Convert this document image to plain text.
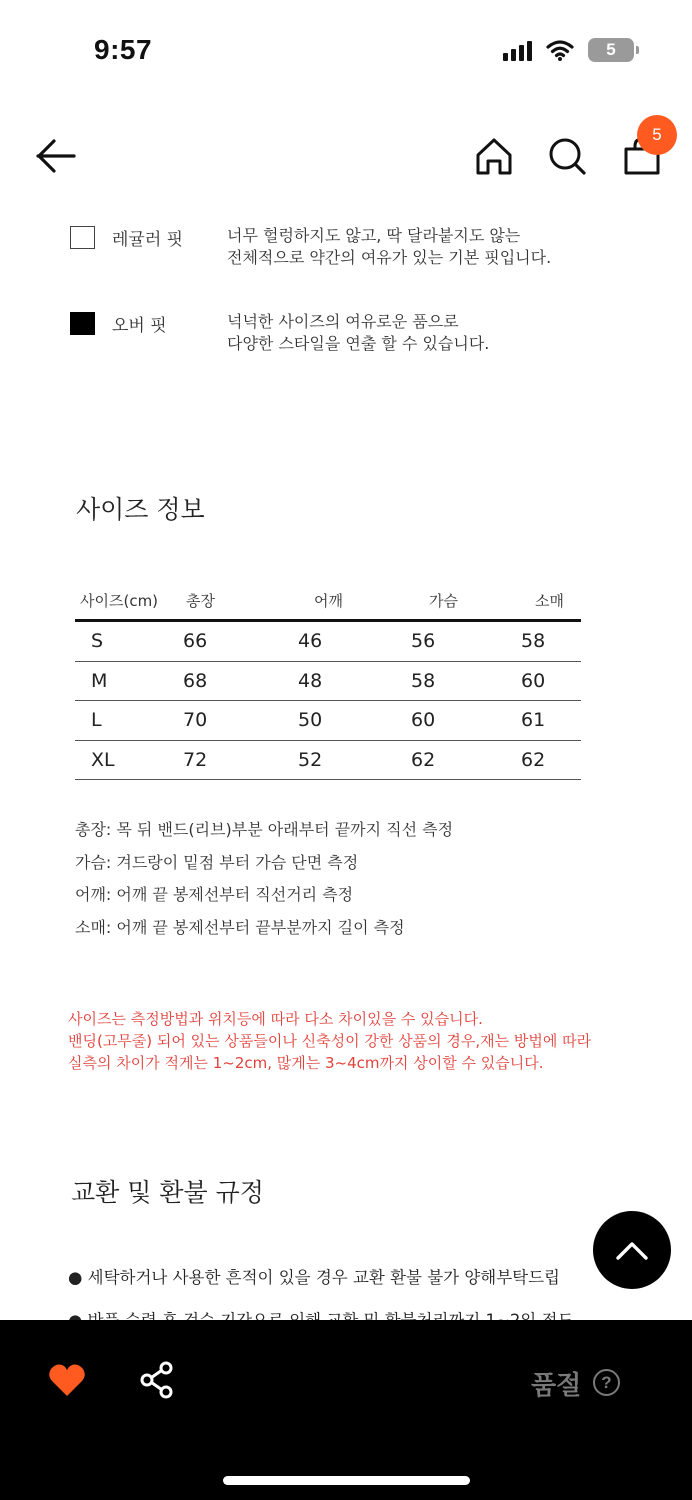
9:57	5
5
레귤러 핏	너무 헐렁하지도 않고, 딱 달라붙지도 않는
전체적으로 약간의 여유가 있는 기본 핏입니다.
오버 핏	넉넉한 사이즈의 여유로운 품으로
다양한 스타일을 연출 할 수 있습니다.
사이즈 정보
사이즈(cm)	총장	어깨	가슴	소매
S	66	46	56	58
M	68	48	58	60
L	70	50	60	61
XL	72	52	62	62
총장: 목 뒤 밴드(리브)부분 아래부터 끝까지 직선 측정
가슴: 겨드랑이 밑점 부터 가슴 단면 측정
어깨: 어깨 끝 봉제선부터 직선거리 측정
소매: 어깨 끝 봉제선부터 끝부분까지 길이 측정
사이즈는 측정방법과 위치등에 따라 다소 차이있을 수 있습니다.
밴딩(고무줄) 되어 있는 상품들이나 신축성이 강한 상품의 경우,재는 방법에 따라
실측의 차이가 적게는 1~2cm, 많게는 3~4cm까지 상이할 수 있습니다.
교환 및 환불 규정
● 세탁하거나 사용한 흔적이 있을 경우 교환 환불 불가 양해부탁드립
품절	?
